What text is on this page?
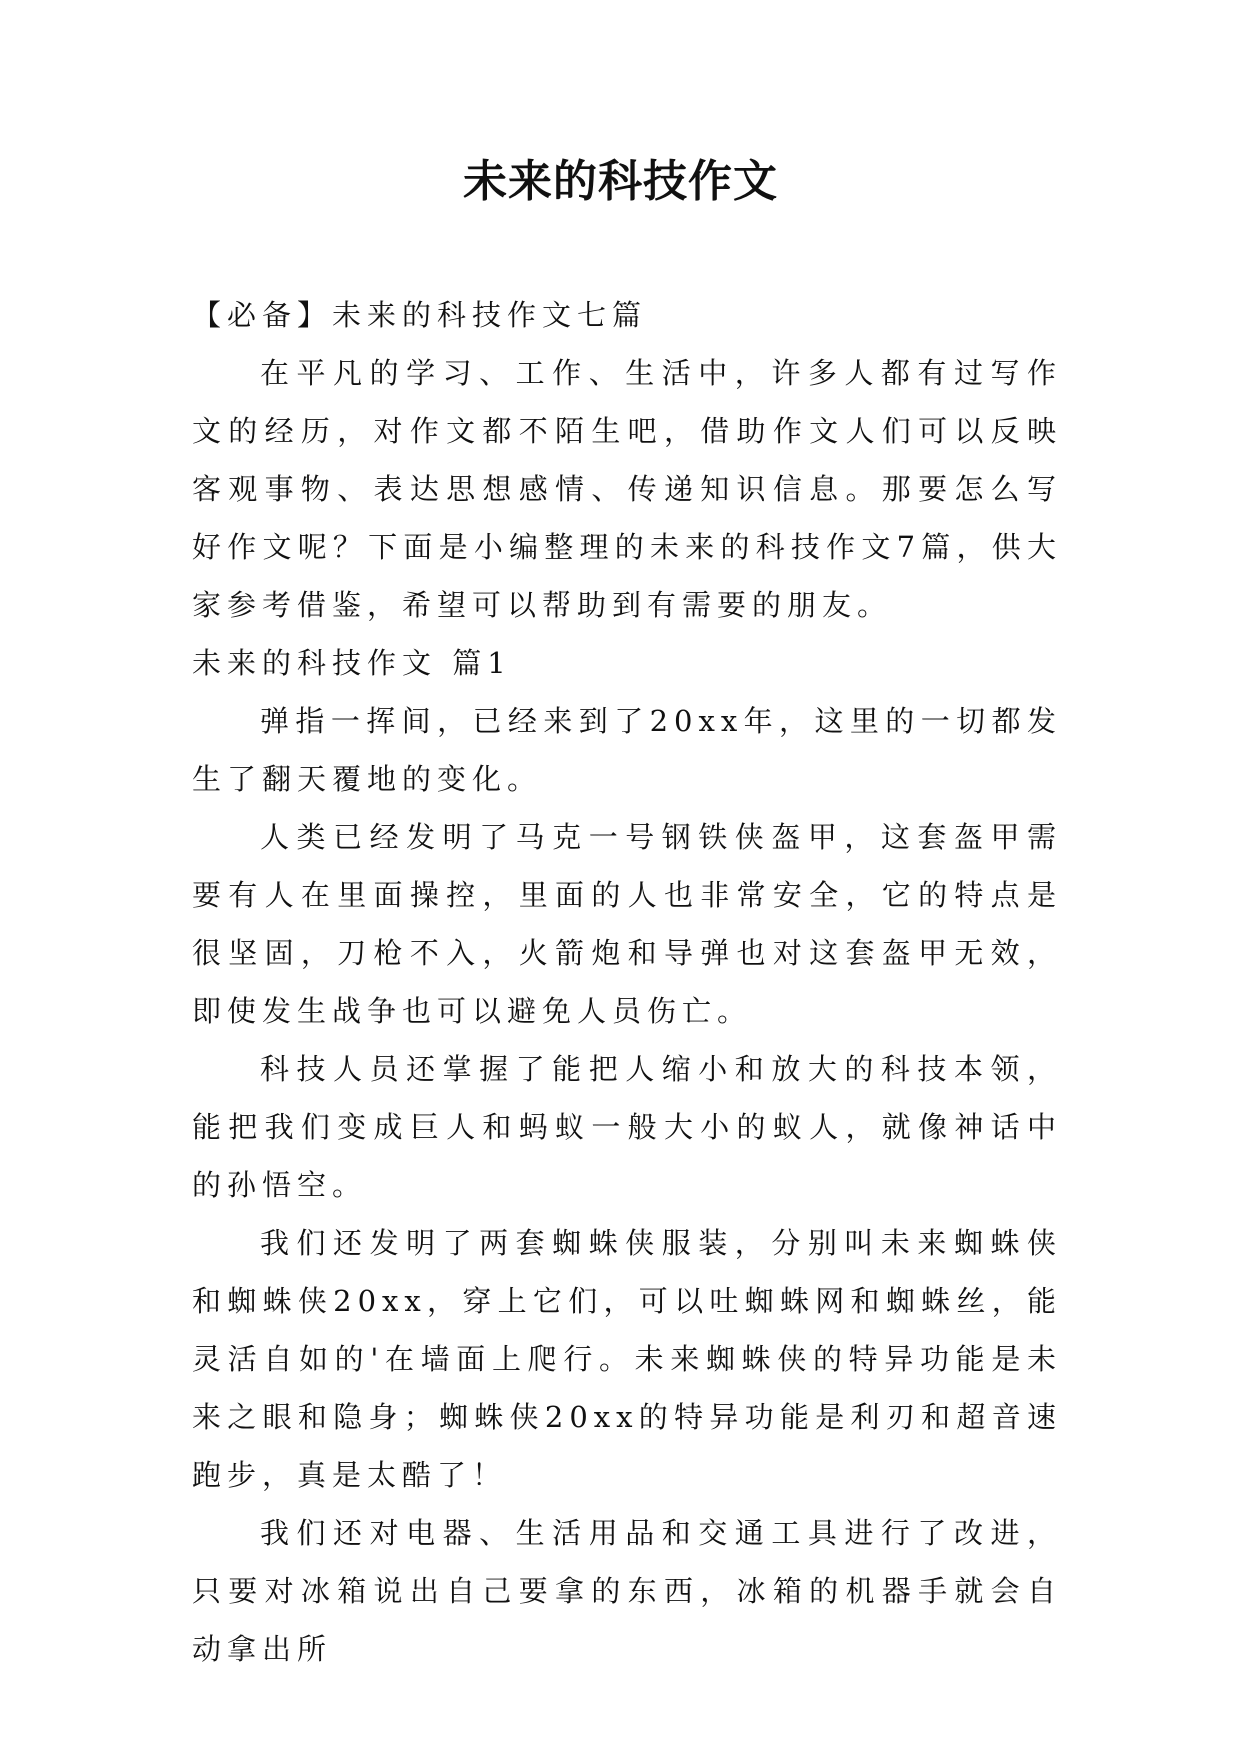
未来的科技作文

【必备】未来的科技作文七篇

在平凡的学习、工作、生活中，许多人都有过写作文的经历，对作文都不陌生吧，借助作文人们可以反映客观事物、表达思想感情、传递知识信息。那要怎么写好作文呢？下面是小编整理的未来的科技作文7篇，供大家参考借鉴，希望可以帮助到有需要的朋友。

未来的科技作文 篇1

弹指一挥间，已经来到了20xx年，这里的一切都发生了翻天覆地的变化。

人类已经发明了马克一号钢铁侠盔甲，这套盔甲需要有人在里面操控，里面的人也非常安全，它的特点是很坚固，刀枪不入，火箭炮和导弹也对这套盔甲无效，即使发生战争也可以避免人员伤亡。

科技人员还掌握了能把人缩小和放大的科技本领，能把我们变成巨人和蚂蚁一般大小的蚁人，就像神话中的孙悟空。

我们还发明了两套蜘蛛侠服装，分别叫未来蜘蛛侠和蜘蛛侠20xx，穿上它们，可以吐蜘蛛网和蜘蛛丝，能灵活自如的'在墙面上爬行。未来蜘蛛侠的特异功能是未来之眼和隐身；蜘蛛侠20xx的特异功能是利刃和超音速跑步，真是太酷了！

我们还对电器、生活用品和交通工具进行了改进，只要对冰箱说出自己要拿的东西，冰箱的机器手就会自动拿出所
